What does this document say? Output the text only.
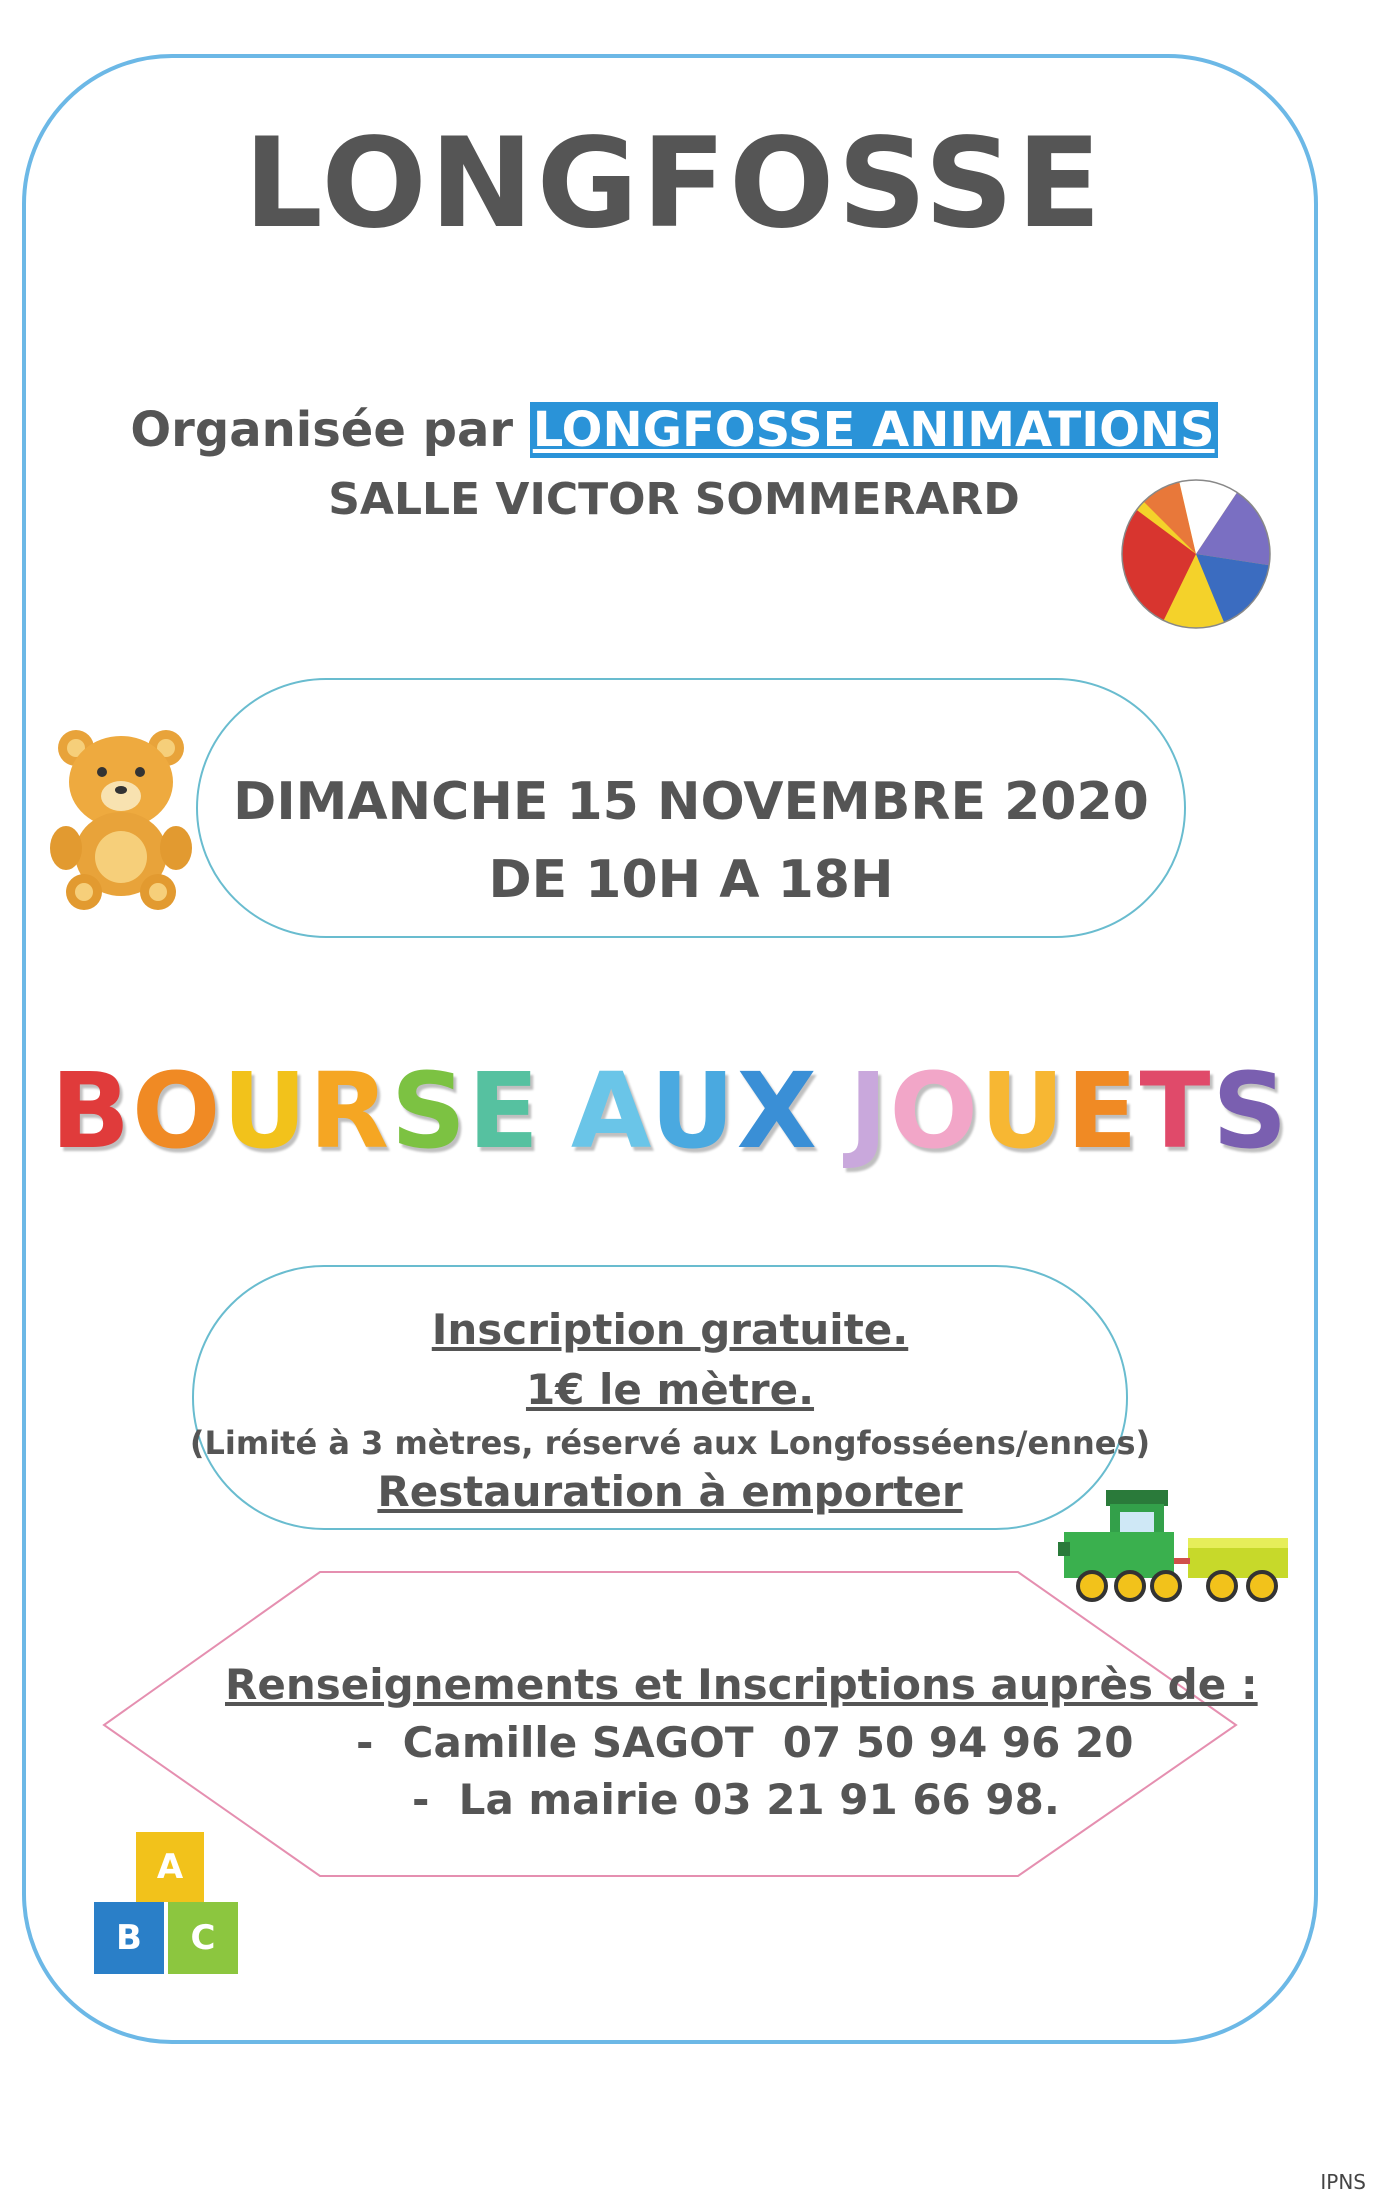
LONGFOSSE
Organisée par LONGFOSSE ANIMATIONS
SALLE VICTOR SOMMERARD
DIMANCHE 15 NOVEMBRE 2020
DE 10H A 18H
BOURSE AUX JOUETS
Inscription gratuite.
1€ le mètre.
(Limité à 3 mètres, réservé aux Longfosséens/ennes)
Restauration à emporter
Renseignements et Inscriptions auprès de :
-  Camille SAGOT  07 50 94 96 20
-  La mairie 03 21 91 66 98.
A
B C
IPNS
